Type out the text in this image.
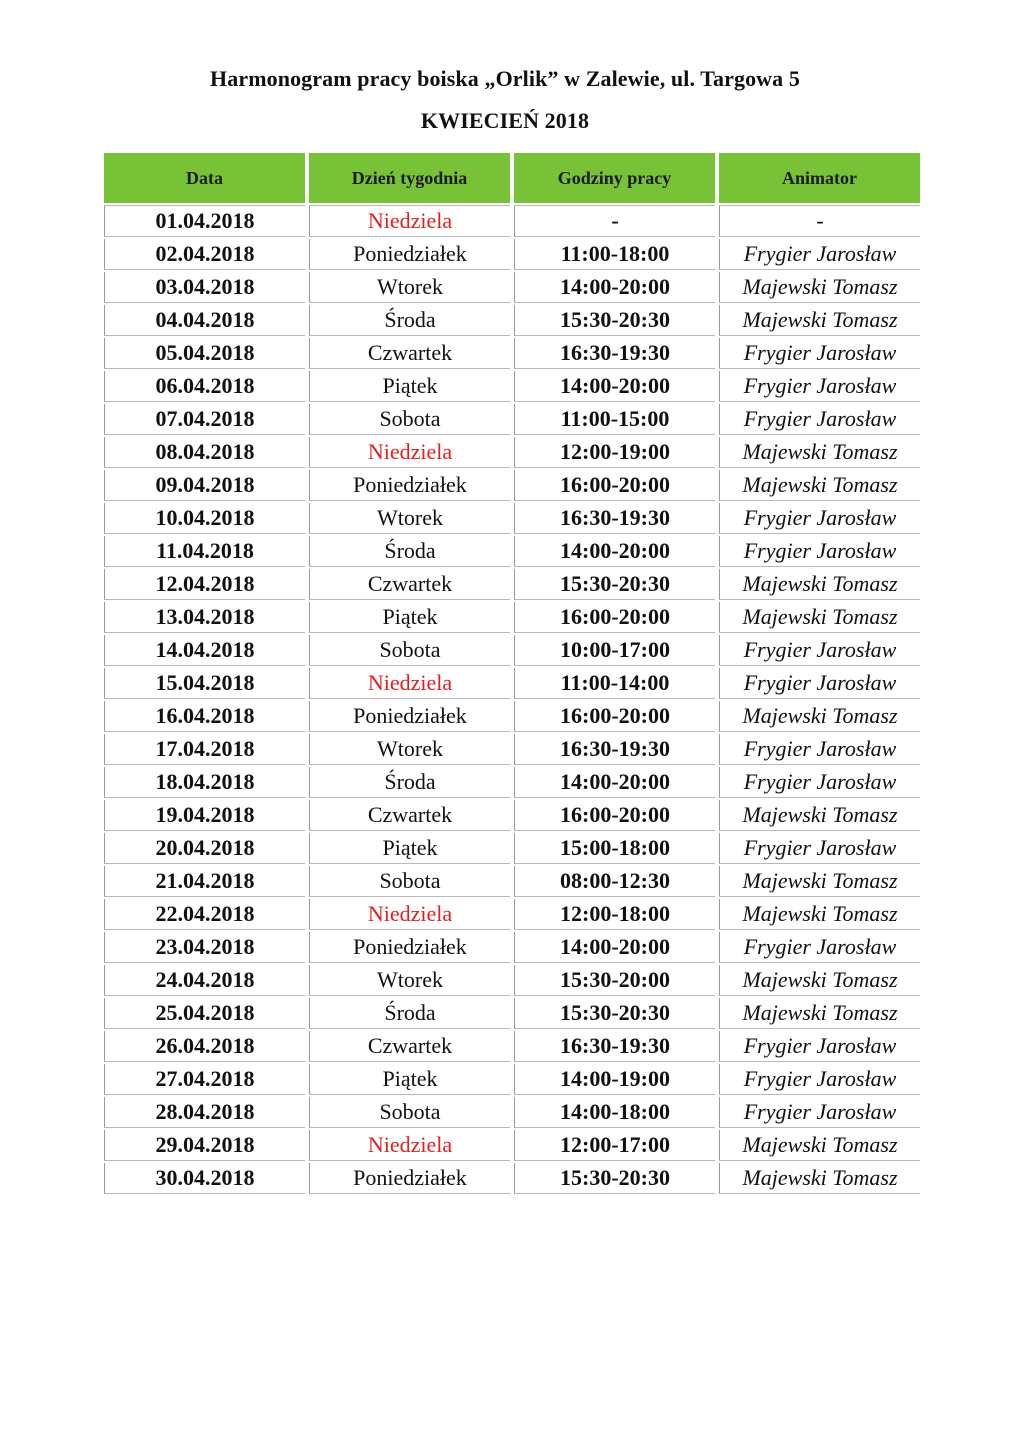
Harmonogram pracy boiska „Orlik” w Zalewie, ul. Targowa 5
KWIECIEŃ 2018
Data	Dzień tygodnia	Godziny pracy	Animator
01.04.2018	Niedziela	-	-
02.04.2018	Poniedziałek	11:00-18:00	Frygier Jarosław
03.04.2018	Wtorek	14:00-20:00	Majewski Tomasz
04.04.2018	Środa	15:30-20:30	Majewski Tomasz
05.04.2018	Czwartek	16:30-19:30	Frygier Jarosław
06.04.2018	Piątek	14:00-20:00	Frygier Jarosław
07.04.2018	Sobota	11:00-15:00	Frygier Jarosław
08.04.2018	Niedziela	12:00-19:00	Majewski Tomasz
09.04.2018	Poniedziałek	16:00-20:00	Majewski Tomasz
10.04.2018	Wtorek	16:30-19:30	Frygier Jarosław
11.04.2018	Środa	14:00-20:00	Frygier Jarosław
12.04.2018	Czwartek	15:30-20:30	Majewski Tomasz
13.04.2018	Piątek	16:00-20:00	Majewski Tomasz
14.04.2018	Sobota	10:00-17:00	Frygier Jarosław
15.04.2018	Niedziela	11:00-14:00	Frygier Jarosław
16.04.2018	Poniedziałek	16:00-20:00	Majewski Tomasz
17.04.2018	Wtorek	16:30-19:30	Frygier Jarosław
18.04.2018	Środa	14:00-20:00	Frygier Jarosław
19.04.2018	Czwartek	16:00-20:00	Majewski Tomasz
20.04.2018	Piątek	15:00-18:00	Frygier Jarosław
21.04.2018	Sobota	08:00-12:30	Majewski Tomasz
22.04.2018	Niedziela	12:00-18:00	Majewski Tomasz
23.04.2018	Poniedziałek	14:00-20:00	Frygier Jarosław
24.04.2018	Wtorek	15:30-20:00	Majewski Tomasz
25.04.2018	Środa	15:30-20:30	Majewski Tomasz
26.04.2018	Czwartek	16:30-19:30	Frygier Jarosław
27.04.2018	Piątek	14:00-19:00	Frygier Jarosław
28.04.2018	Sobota	14:00-18:00	Frygier Jarosław
29.04.2018	Niedziela	12:00-17:00	Majewski Tomasz
30.04.2018	Poniedziałek	15:30-20:30	Majewski Tomasz
